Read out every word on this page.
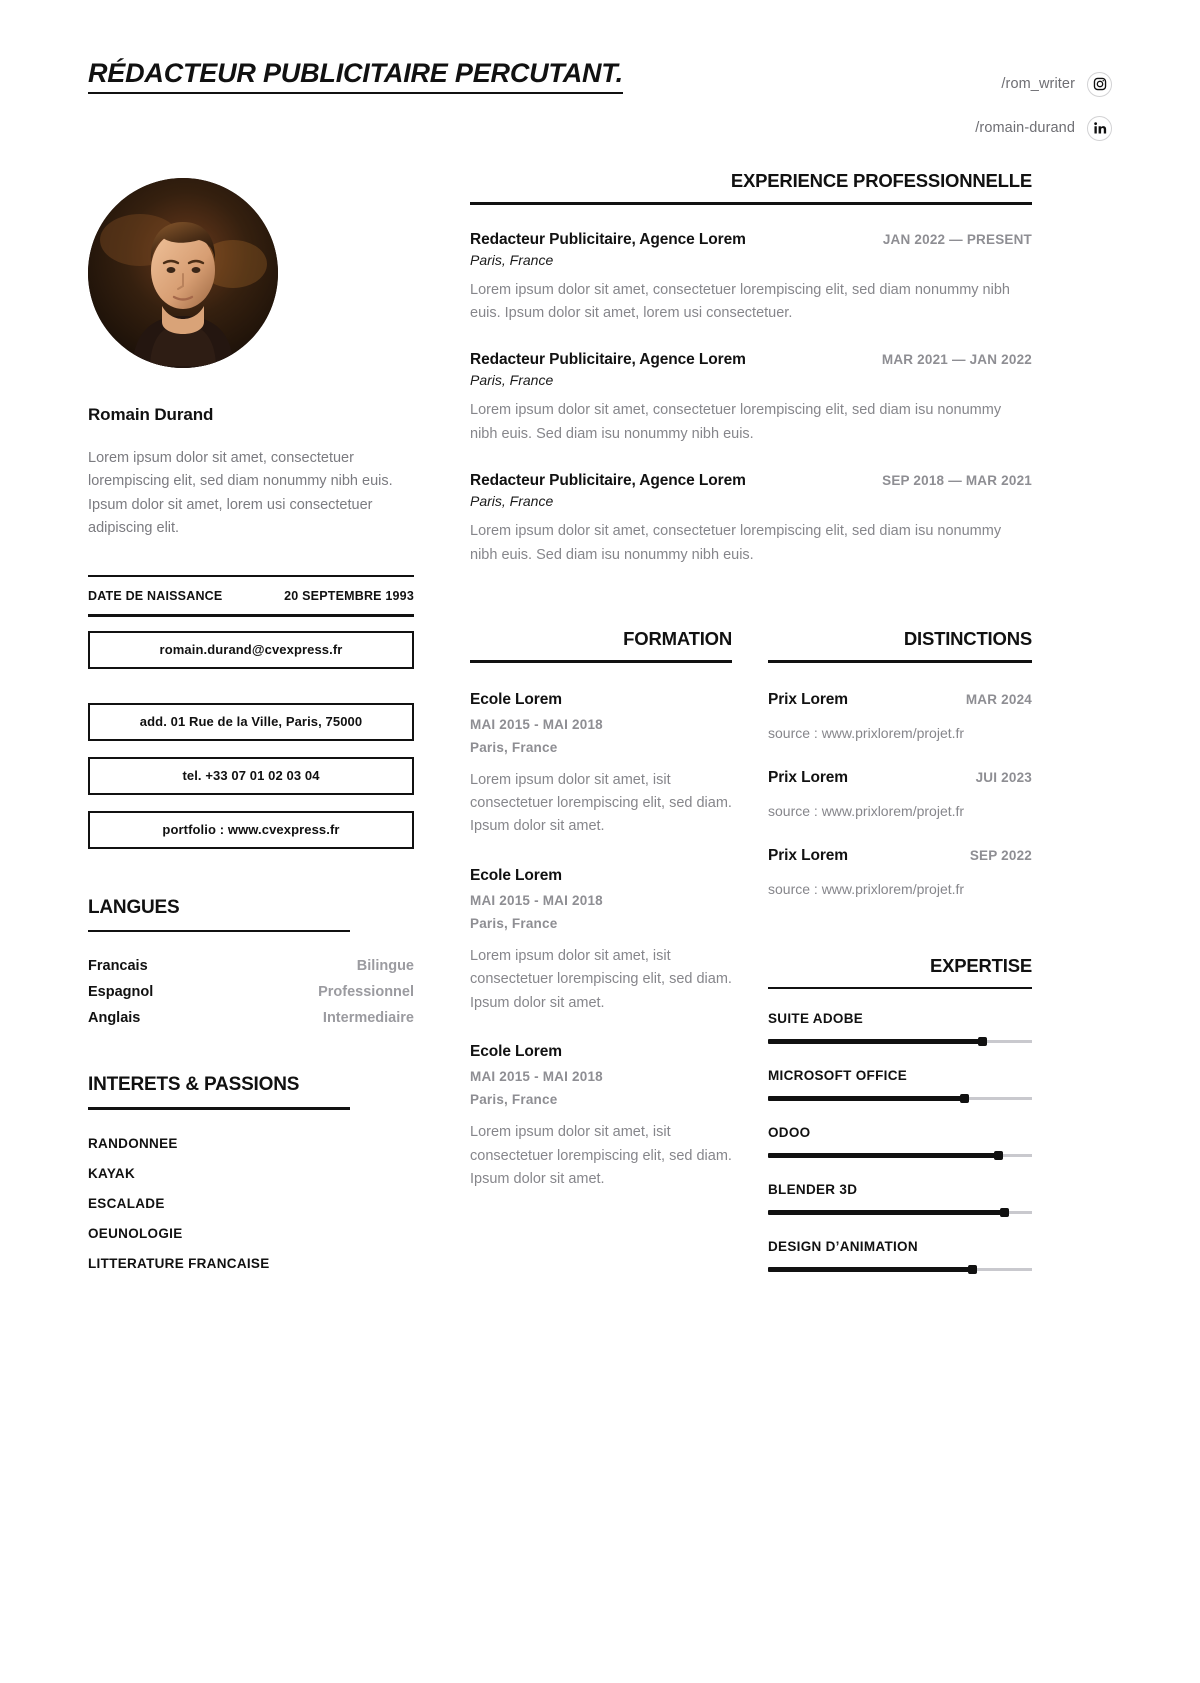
RÉDACTEUR PUBLICITAIRE PERCUTANT.	/rom_writer
/romain-durand
Romain Durand
Lorem ipsum dolor sit amet, consectetuer lorempiscing elit, sed diam nonummy nibh euis. Ipsum dolor sit amet, lorem usi consectetuer adipiscing elit.
DATE DE NAISSANCE	20 SEPTEMBRE 1993
romain.durand@cvexpress.fr
add. 01 Rue de la Ville, Paris, 75000
tel. +33 07 01 02 03 04
portfolio : www.cvexpress.fr
LANGUES
Francais	Bilingue
Espagnol	Professionnel
Anglais	Intermediaire
INTERETS & PASSIONS
RANDONNEE
KAYAK
ESCALADE
OEUNOLOGIE
LITTERATURE FRANCAISE
EXPERIENCE PROFESSIONNELLE
Redacteur Publicitaire, Agence Lorem	JAN 2022 — PRESENT
Paris, France
Lorem ipsum dolor sit amet, consectetuer lorempiscing elit, sed diam nonummy nibh euis. Ipsum dolor sit amet, lorem usi consectetuer.
Redacteur Publicitaire, Agence Lorem	MAR 2021 — JAN 2022
Paris, France
Lorem ipsum dolor sit amet, consectetuer lorempiscing elit, sed diam isu nonummy nibh euis. Sed diam isu nonummy nibh euis.
Redacteur Publicitaire, Agence Lorem	SEP 2018 — MAR 2021
Paris, France
Lorem ipsum dolor sit amet, consectetuer lorempiscing elit, sed diam isu nonummy nibh euis. Sed diam isu nonummy nibh euis.
FORMATION
Ecole Lorem
MAI 2015 - MAI 2018
Paris, France
Lorem ipsum dolor sit amet, isit consectetuer lorempiscing elit, sed diam. Ipsum dolor sit amet.
Ecole Lorem
MAI 2015 - MAI 2018
Paris, France
Lorem ipsum dolor sit amet, isit consectetuer lorempiscing elit, sed diam. Ipsum dolor sit amet.
Ecole Lorem
MAI 2015 - MAI 2018
Paris, France
Lorem ipsum dolor sit amet, isit consectetuer lorempiscing elit, sed diam. Ipsum dolor sit amet.
DISTINCTIONS
Prix Lorem	MAR 2024
source : www.prixlorem/projet.fr
Prix Lorem	JUI 2023
source : www.prixlorem/projet.fr
Prix Lorem	SEP 2022
source : www.prixlorem/projet.fr
EXPERTISE
SUITE ADOBE
MICROSOFT OFFICE
ODOO
BLENDER 3D
DESIGN D’ANIMATION
